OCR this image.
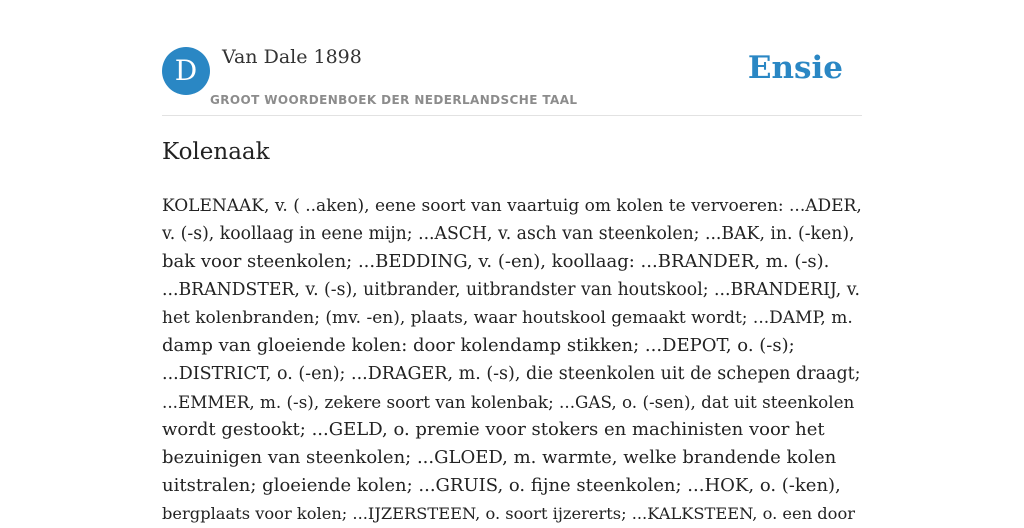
D	Van Dale 1898
GROOT WOORDENBOEK DER NEDERLANDSCHE TAAL
Ensie
Kolenaak
KOLENAAK, v. ( ..aken), eene soort van vaartuig om kolen te vervoeren: ...ADER,
v. (-s), koollaag in eene mijn; ...ASCH, v. asch van steenkolen; ...BAK, in. (-ken),
bak voor steenkolen; ...BEDDING, v. (-en), koollaag: ...BRANDER, m. (-s).
...BRANDSTER, v. (-s), uitbrander, uitbrandster van houtskool; ...BRANDERIJ, v.
het kolenbranden; (mv. -en), plaats, waar houtskool gemaakt wordt; ...DAMP, m.
damp van gloeiende kolen: door kolendamp stikken; ...DEPOT, o. (-s);
...DISTRICT, o. (-en); ...DRAGER, m. (-s), die steenkolen uit de schepen draagt;
...EMMER, m. (-s), zekere soort van kolenbak; ...GAS, o. (-sen), dat uit steenkolen
wordt gestookt; ...GELD, o. premie voor stokers en machinisten voor het
bezuinigen van steenkolen; ...GLOED, m. warmte, welke brandende kolen
uitstralen; gloeiende kolen; ...GRUIS, o. fijne steenkolen; ...HOK, o. (-ken),
bergplaats voor kolen; ...IJZERSTEEN, o. soort ijzererts; ...KALKSTEEN, o. een door
